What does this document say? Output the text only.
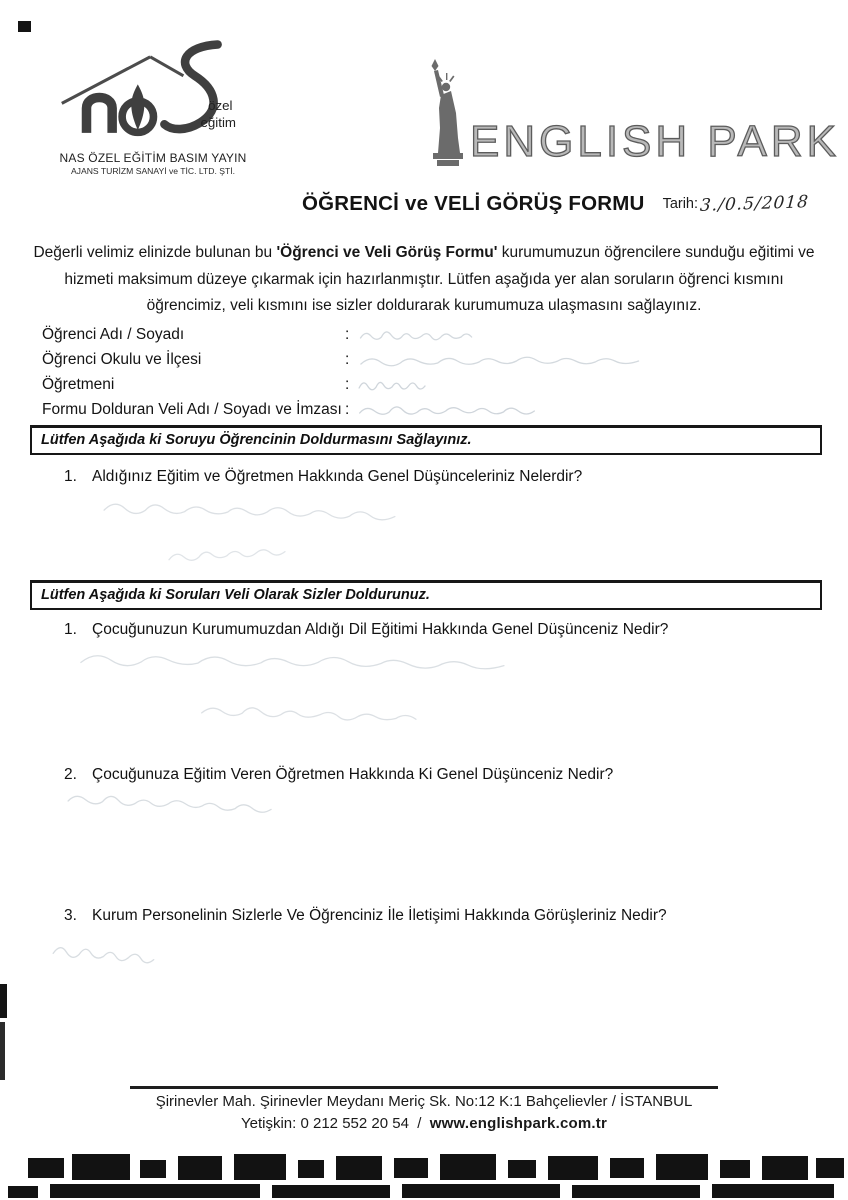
özel
eğitim

NAS ÖZEL EĞİTİM BASIM YAYIN

AJANS TURİZM SANAYİ ve TİC. LTD. ŞTİ.

ENGLISH PARK
ÖĞRENCİ ve VELİ GÖRÜŞ FORMU Tarih: 3./0.5/2018

Değerli velimiz elinizde bulunan bu 'Öğrenci ve Veli Görüş Formu' kurumumuzun öğrencilere sunduğu eğitimi ve hizmeti maksimum düzeye çıkarmak için hazırlanmıştır. Lütfen aşağıda yer alan soruların öğrenci kısmını öğrencimiz, veli kısmını ise sizler doldurarak kurumumuza ulaşmasını sağlayınız.

Öğrenci Adı / Soyadı	:
Öğrenci Okulu ve İlçesi	:
Öğretmeni	:
Formu Dolduran Veli Adı / Soyadı ve İmzası :
Lütfen Aşağıda ki Soruyu Öğrencinin Doldurmasını Sağlayınız.
1. Aldığınız Eğitim ve Öğretmen Hakkında Genel Düşünceleriniz Nelerdir?
Lütfen Aşağıda ki Soruları Veli Olarak Sizler Doldurunuz.
1. Çocuğunuzun Kurumumuzdan Aldığı Dil Eğitimi Hakkında Genel Düşünceniz Nedir?
2. Çocuğunuza Eğitim Veren Öğretmen Hakkında Ki Genel Düşünceniz Nedir?
3. Kurum Personelinin Sizlerle Ve Öğrenciniz İle İletişimi Hakkında Görüşleriniz Nedir?

Şirinevler Mah. Şirinevler Meydanı Meriç Sk. No:12 K:1 Bahçelievler / İSTANBUL

Yetişkin: 0 212 552 20 54 / www.englishpark.com.tr
